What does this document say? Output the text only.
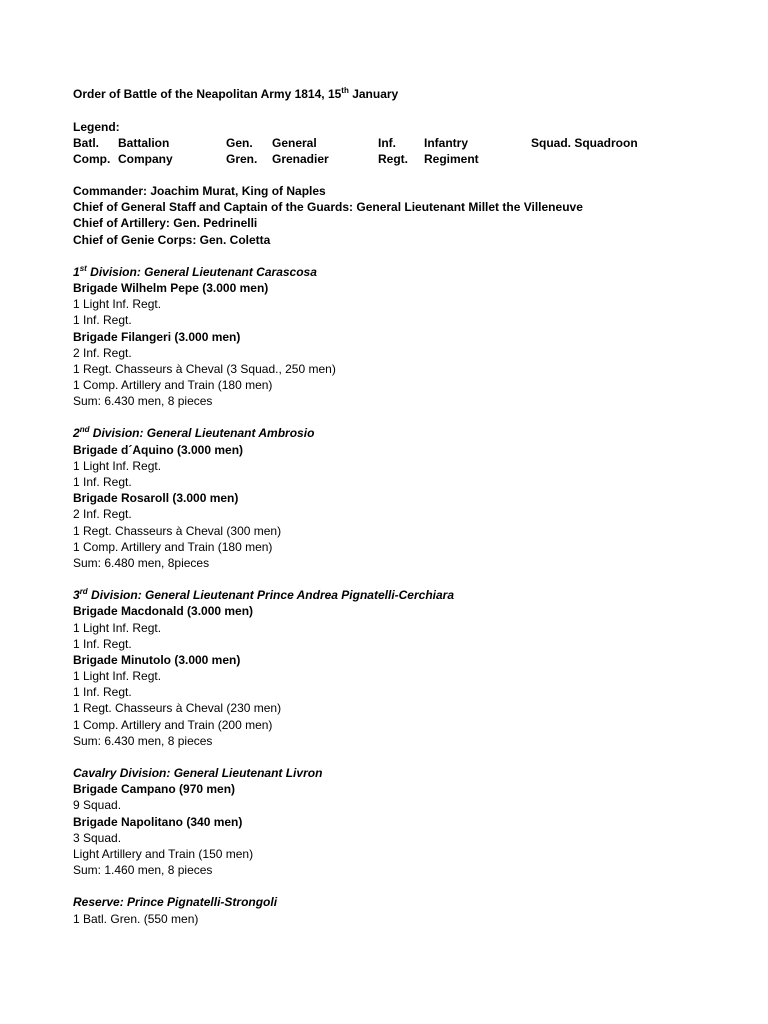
Order of Battle of the Neapolitan Army 1814, 15th January
Legend:
Batl. Battalion	Gen. General	Inf. Infantry	Squad. Squadroon
Comp. Company	Gren. Grenadier	Regt. Regiment
Commander: Joachim Murat, King of Naples
Chief of General Staff and Captain of the Guards: General Lieutenant Millet the Villeneuve
Chief of Artillery: Gen. Pedrinelli
Chief of Genie Corps: Gen. Coletta
1st Division: General Lieutenant Carascosa
Brigade Wilhelm Pepe (3.000 men)
1 Light Inf. Regt.
1 Inf. Regt.
Brigade Filangeri (3.000 men)
2 Inf. Regt.
1 Regt. Chasseurs à Cheval (3 Squad., 250 men)
1 Comp. Artillery and Train (180 men)
Sum: 6.430 men, 8 pieces
2nd Division: General Lieutenant Ambrosio
Brigade d´Aquino (3.000 men)
1 Light Inf. Regt.
1 Inf. Regt.
Brigade Rosaroll (3.000 men)
2 Inf. Regt.
1 Regt. Chasseurs à Cheval (300 men)
1 Comp. Artillery and Train (180 men)
Sum: 6.480 men, 8pieces
3rd Division: General Lieutenant Prince Andrea Pignatelli-Cerchiara
Brigade Macdonald (3.000 men)
1 Light Inf. Regt.
1 Inf. Regt.
Brigade Minutolo (3.000 men)
1 Light Inf. Regt.
1 Inf. Regt.
1 Regt. Chasseurs à Cheval (230 men)
1 Comp. Artillery and Train (200 men)
Sum: 6.430 men, 8 pieces
Cavalry Division: General Lieutenant Livron
Brigade Campano (970 men)
9 Squad.
Brigade Napolitano (340 men)
3 Squad.
Light Artillery and Train (150 men)
Sum: 1.460 men, 8 pieces
Reserve: Prince Pignatelli-Strongoli
1 Batl. Gren. (550 men)
